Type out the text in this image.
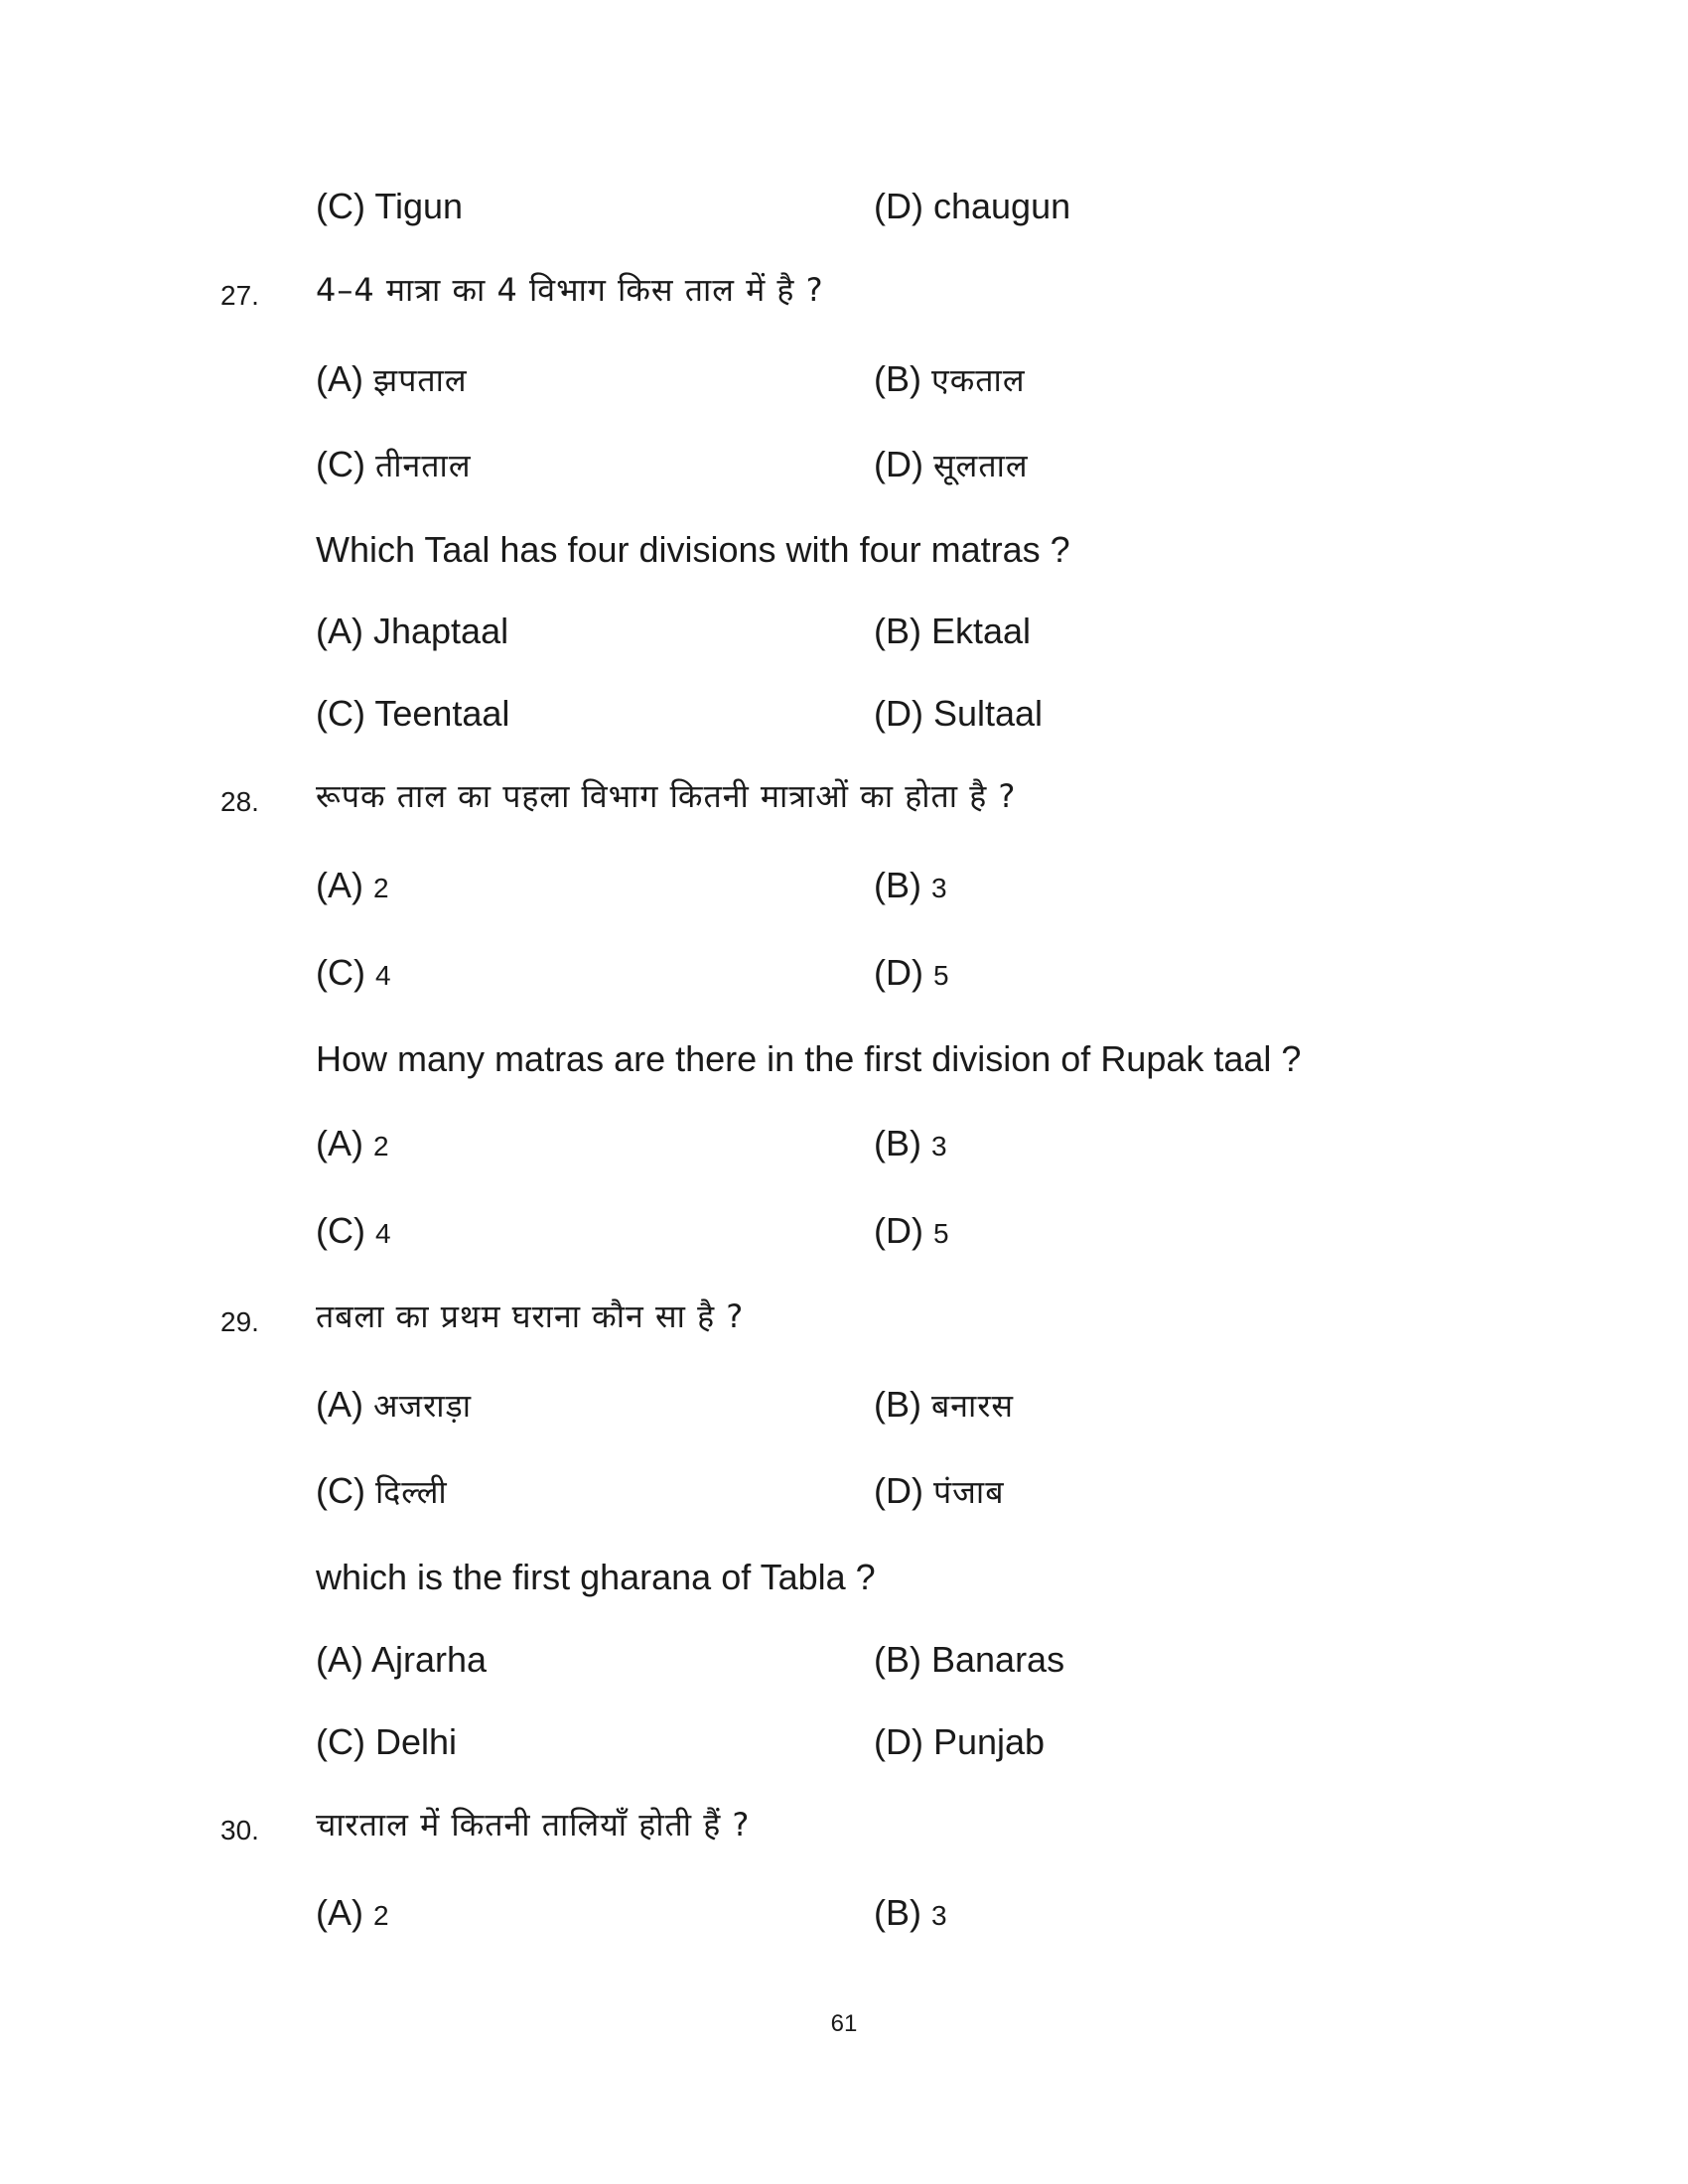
(C) Tigun	(D) chaugun
27. 4–4 मात्रा का 4 विभाग किस ताल में है ?
(A) झपताल	(B) एकताल
(C) तीनताल	(D) सूलताल
Which Taal has four divisions with four matras ?
(A) Jhaptaal	(B) Ektaal
(C) Teentaal	(D) Sultaal
28. रूपक ताल का पहला विभाग कितनी मात्राओं का होता है ?
(A) 2	(B) 3
(C) 4	(D) 5
How many matras are there in the first division of Rupak taal ?
(A) 2	(B) 3
(C) 4	(D) 5
29. तबला का प्रथम घराना कौन सा है ?
(A) अजराड़ा	(B) बनारस
(C) दिल्ली	(D) पंजाब
which is the first gharana of Tabla ?
(A) Ajrarha	(B) Banaras
(C) Delhi	(D) Punjab
30. चारताल में कितनी तालियाँ होती हैं ?
(A) 2	(B) 3
61
